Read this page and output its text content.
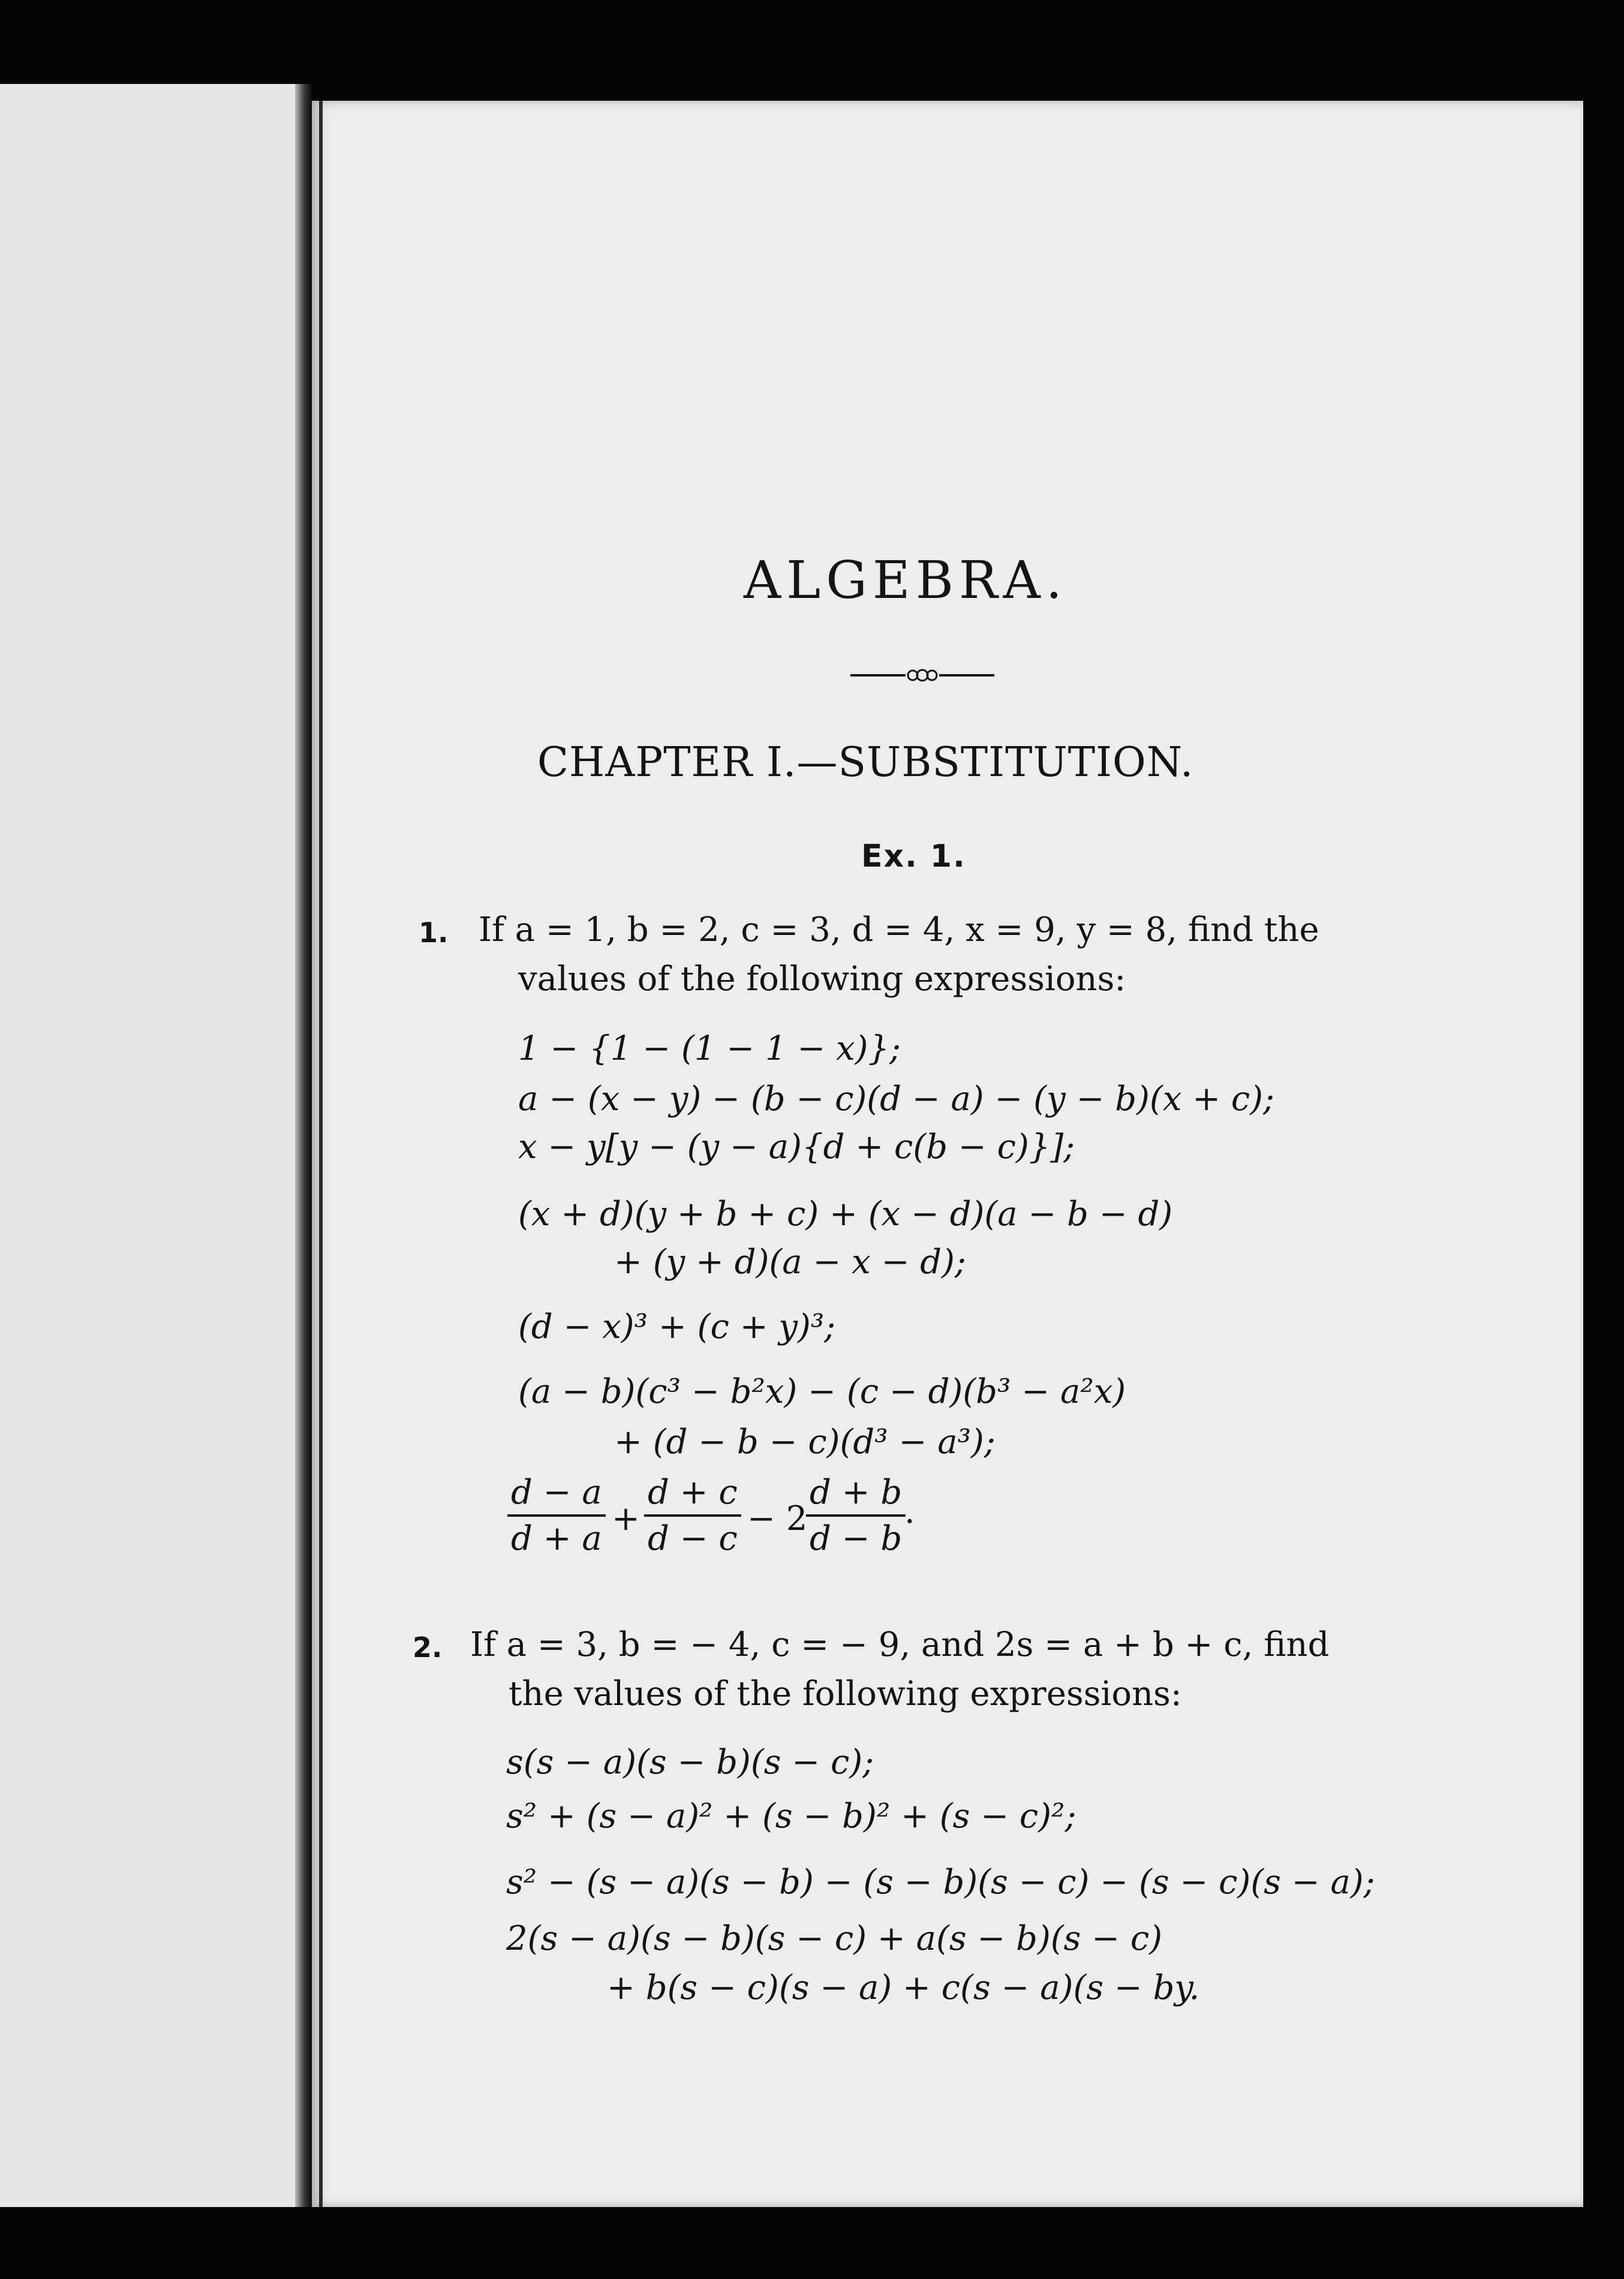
ALGEBRA.
CHAPTER I.—SUBSTITUTION.
Ex. 1.
1. If a = 1, b = 2, c = 3, d = 4, x = 9, y = 8, find the
values of the following expressions:
1 − {1 − (1 − 1 − x)};
a − (x − y) − (b − c)(d − a) − (y − b)(x + c);
x − y[y − (y − a){d + c(b − c)}];
(x + d)(y + b + c) + (x − d)(a − b − d)
+ (y + d)(a − x − d);
(d − x)³ + (c + y)³;
(a − b)(c³ − b²x) − (c − d)(b³ − a²x)
+ (d − b − c)(d³ − a³);
$\frac{d - a}{d + a} + \frac{d + c}{d - c} - 2$
$\frac{d + b}{d - b}$
.
2. If a = 3, b = − 4, c = − 9, and 2s = a + b + c, find
the values of the following expressions:
s(s − a)(s − b)(s − c);
s² + (s − a)² + (s − b)² + (s − c)²;
s² − (s − a)(s − b) − (s − b)(s − c) − (s − c)(s − a);
2(s − a)(s − b)(s − c) + a(s − b)(s − c)
+ b(s − c)(s − a) + c(s − a)(s − by.
